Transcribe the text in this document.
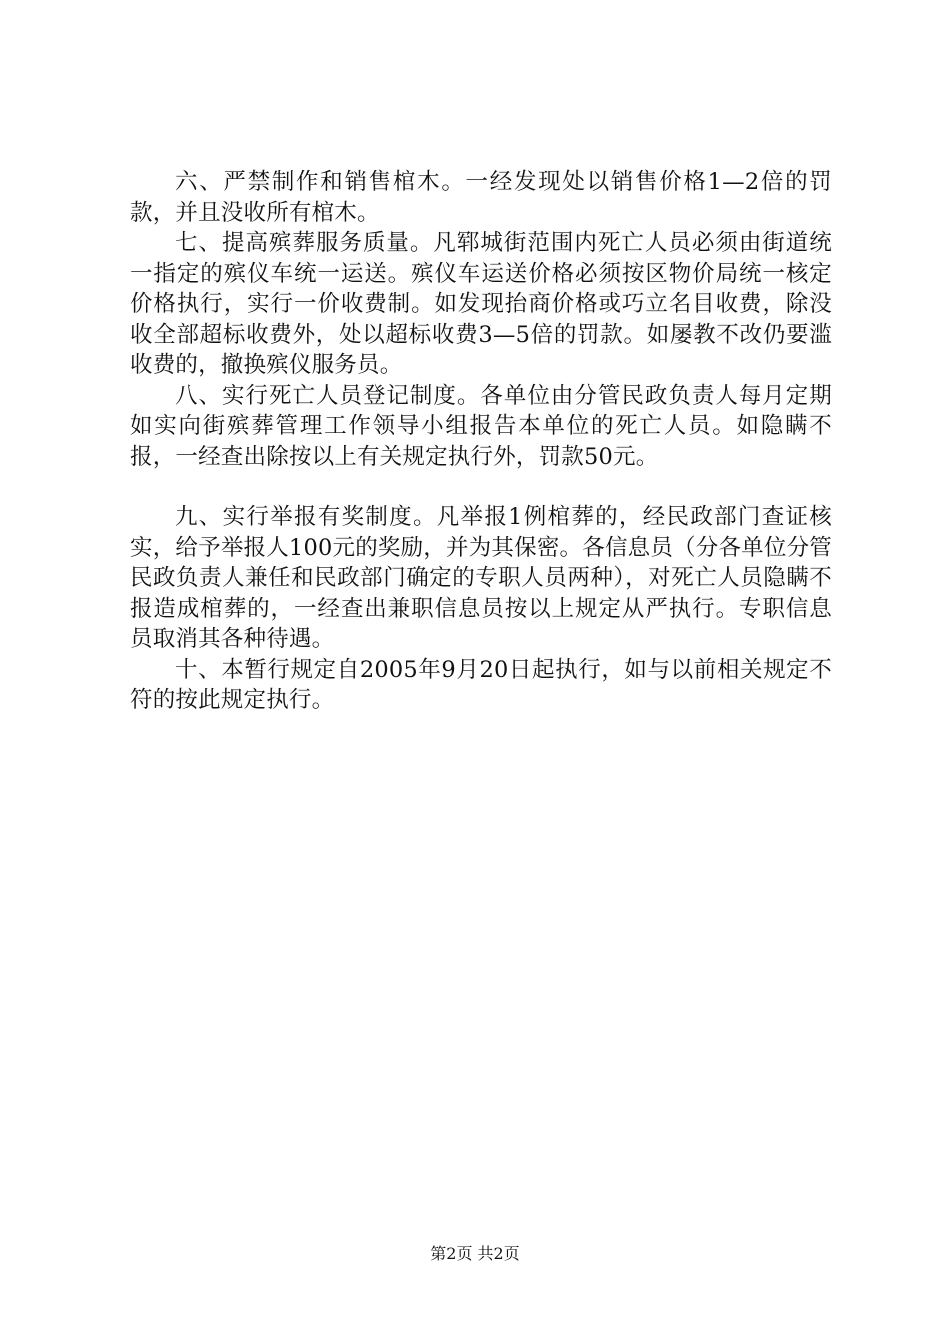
六、严禁制作和销售棺木。一经发现处以销售价格1—2倍的罚款，并且没收所有棺木。

七、提高殡葬服务质量。凡郓城街范围内死亡人员必须由街道统一指定的殡仪车统一运送。殡仪车运送价格必须按区物价局统一核定价格执行，实行一价收费制。如发现抬商价格或巧立名目收费，除没收全部超标收费外，处以超标收费3—5倍的罚款。如屡教不改仍要滥收费的，撤换殡仪服务员。

八、实行死亡人员登记制度。各单位由分管民政负责人每月定期如实向街殡葬管理工作领导小组报告本单位的死亡人员。如隐瞒不报，一经查出除按以上有关规定执行外，罚款50元。

九、实行举报有奖制度。凡举报1例棺葬的，经民政部门查证核实，给予举报人100元的奖励，并为其保密。各信息员（分各单位分管民政负责人兼任和民政部门确定的专职人员两种），对死亡人员隐瞒不报造成棺葬的，一经查出兼职信息员按以上规定从严执行。专职信息员取消其各种待遇。

十、本暂行规定自2005年9月20日起执行，如与以前相关规定不符的按此规定执行。

第2页 共2页
